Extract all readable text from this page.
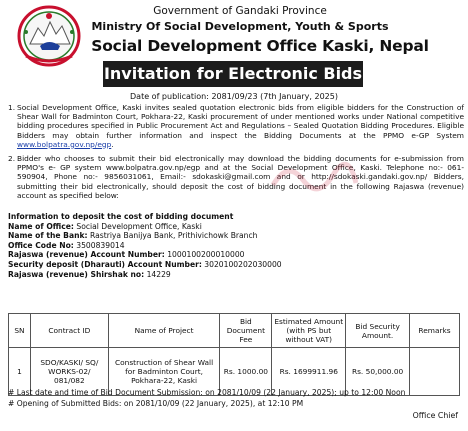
Government of Gandaki Province
Ministry Of Social Development, Youth & Sports
Social Development Office Kaski, Nepal
Invitation for Electronic Bids
Date of publication: 2081/09/23 (7th January, 2025)
1. Social Development Office, Kaski invites sealed quotation electronic bids from eligible bidders for the Construction of Shear Wall for Badminton Court, Pokhara-22, Kaski procurement of under mentioned works under National competitive bidding procedures specified in Public Procurement Act and Regulations – Sealed Quotation Bidding Procedures. Eligible Bidders may obtain further information and inspect the Bidding Documents at the PPMO e-GP System www.bolpatra.gov.np/egp.
2. Bidder who chooses to submit their bid electronically may download the bidding documents for e-submission from PPMO's e- GP system www.bolpatra.gov.np/egp and at the Social Development Office, Kaski. Telephone no:- 061-590904, Phone no:- 9856031061, Email:- sdokaski@gmail.com and or http://sdokaski.gandaki.gov.np/ Bidders, submitting their bid electronically, should deposit the cost of bidding document in the following Rajaswa (revenue) account as specified below:
Information to deposit the cost of bidding document
Name of Office: Social Development Office, Kaski
Name of the Bank: Rastriya Banijya Bank, Prithivichowk Branch
Office Code No: 3500839014
Rajaswa (revenue) Account Number: 1000100200010000
Security deposit (Dharauti) Account Number: 3020100202030000
Rajaswa (revenue) Shirshak no: 14229
SN	Contract ID	Name of Project	Bid Document Fee	Estimated Amount (with PS but without VAT)	Bid Security Amount.	Remarks
1	SDO/KASKI/ SQ/ WORKS-02/ 081/082	Construction of Shear Wall for Badminton Court, Pokhara-22, Kaski	Rs. 1000.00	Rs. 1699911.96	Rs. 50,000.00	
# Last date and time of Bid Document Submission: on 2081/10/09 (22 January, 2025); up to 12:00 Noon
# Opening of Submitted Bids: on 2081/10/09 (22 January, 2025), at 12:10 PM
Office Chief
